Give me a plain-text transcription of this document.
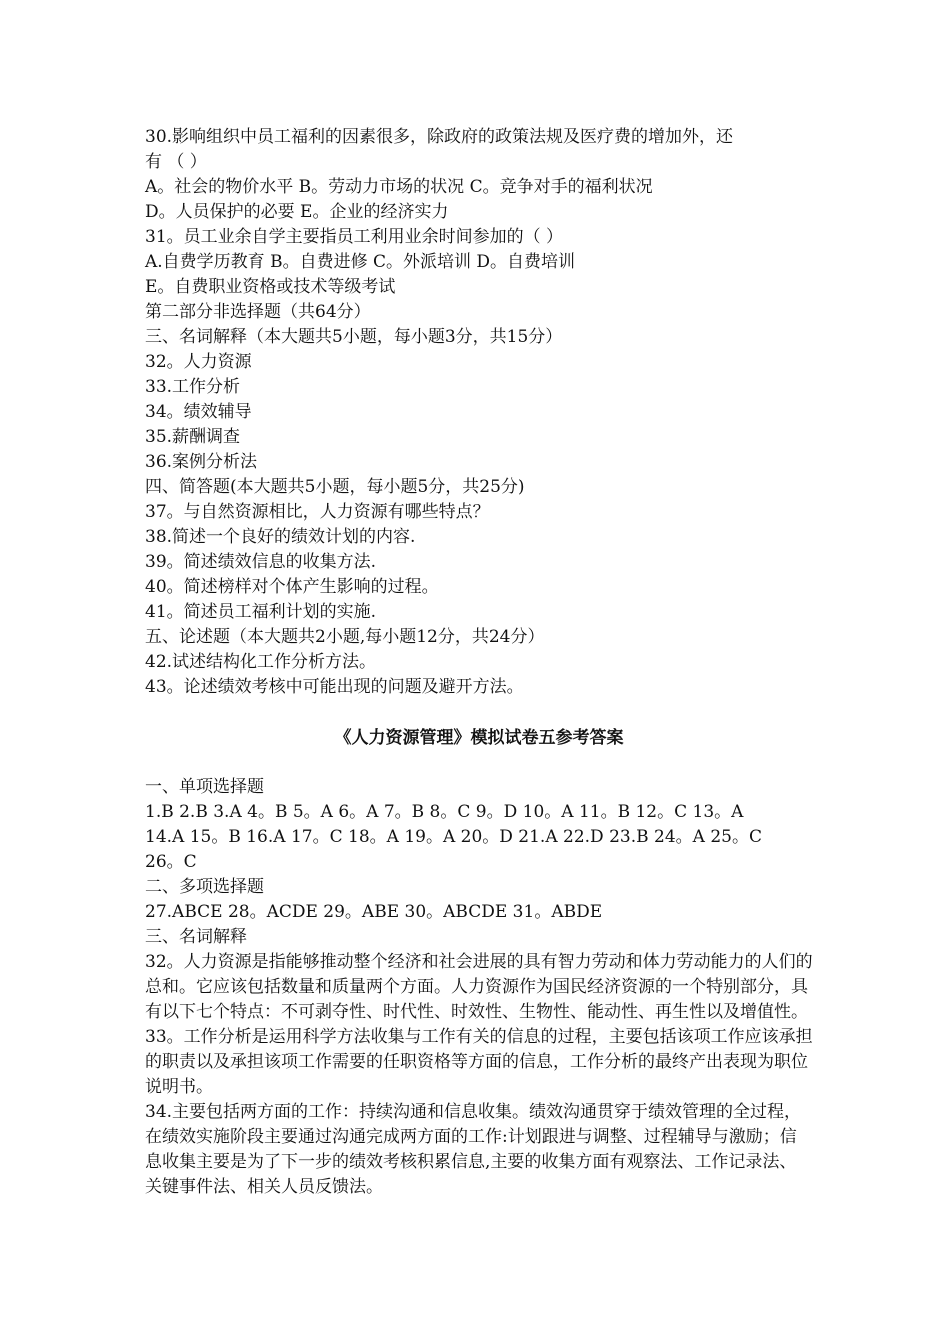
30.影响组织中员工福利的因素很多，除政府的政策法规及医疗费的增加外，还
有 （ ）
A。社会的物价水平 B。劳动力市场的状况 C。竞争对手的福利状况
D。人员保护的必要 E。企业的经济实力
31。员工业余自学主要指员工利用业余时间参加的（ ）
A.自费学历教育 B。自费进修 C。外派培训 D。自费培训
E。自费职业资格或技术等级考试
第二部分非选择题（共64分）
三、名词解释（本大题共5小题，每小题3分，共15分）
32。人力资源
33.工作分析
34。绩效辅导
35.薪酬调查
36.案例分析法
四、简答题(本大题共5小题，每小题5分，共25分)
37。与自然资源相比，人力资源有哪些特点？
38.简述一个良好的绩效计划的内容.
39。简述绩效信息的收集方法.
40。简述榜样对个体产生影响的过程。
41。简述员工福利计划的实施.
五、论述题（本大题共2小题,每小题12分，共24分）
42.试述结构化工作分析方法。
43。论述绩效考核中可能出现的问题及避开方法。
《人力资源管理》模拟试卷五参考答案
一、单项选择题
1.B 2.B 3.A 4。B 5。A 6。A 7。B 8。C 9。D 10。A 11。B 12。C 13。A
14.A 15。B 16.A 17。C 18。A 19。A 20。D 21.A 22.D 23.B 24。A 25。C
26。C
二、多项选择题
27.ABCE 28。ACDE 29。ABE 30。ABCDE 31。ABDE
三、名词解释
32。人力资源是指能够推动整个经济和社会进展的具有智力劳动和体力劳动能力的人们的总和。它应该包括数量和质量两个方面。人力资源作为国民经济资源的一个特别部分，具有以下七个特点：不可剥夺性、时代性、时效性、生物性、能动性、再生性以及增值性。
33。工作分析是运用科学方法收集与工作有关的信息的过程，主要包括该项工作应该承担的职责以及承担该项工作需要的任职资格等方面的信息，工作分析的最终产出表现为职位说明书。
34.主要包括两方面的工作：持续沟通和信息收集。绩效沟通贯穿于绩效管理的全过程，在绩效实施阶段主要通过沟通完成两方面的工作:计划跟进与调整、过程辅导与激励；信息收集主要是为了下一步的绩效考核积累信息,主要的收集方面有观察法、工作记录法、关键事件法、相关人员反馈法。
